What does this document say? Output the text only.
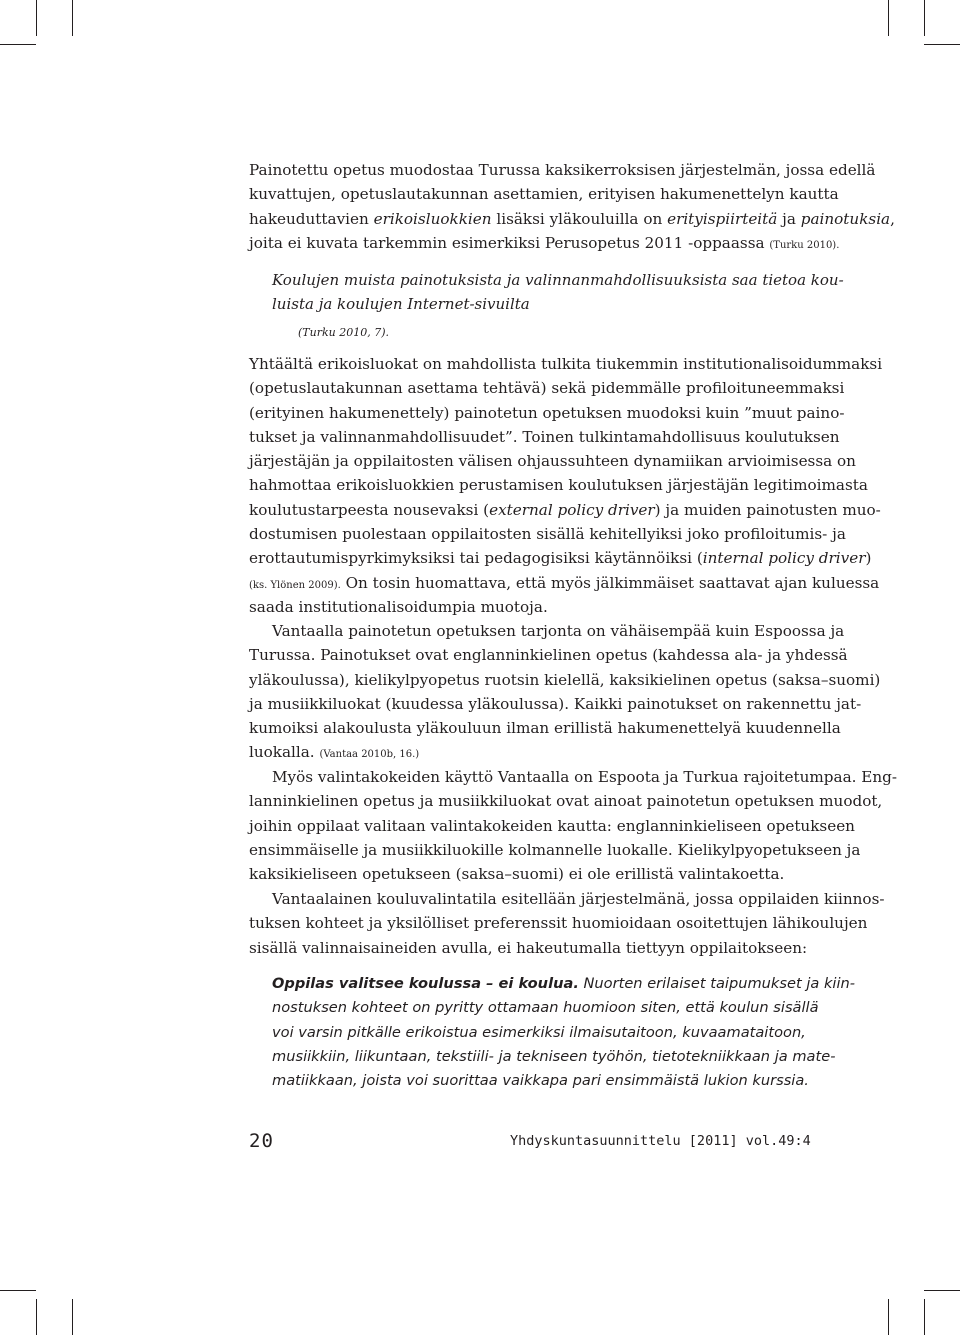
Painotettu opetus muodostaa Turussa kaksikerroksisen järjestelmän, jossa edellä
kuvattujen, opetuslautakunnan asettamien, erityisen hakumenettelyn kautta
hakeuduttavien erikoisluokkien lisäksi yläkouluilla on erityispiirteitä ja painotuksia,
joita ei kuvata tarkemmin esimerkiksi Perusopetus 2011 -oppaassa (Turku 2010).
Koulujen muista painotuksista ja valinnanmahdollisuuksista saa tietoa kou-
luista ja koulujen Internet-sivuilta
(Turku 2010, 7).
Yhtäältä erikoisluokat on mahdollista tulkita tiukemmin institutionalisoidummaksi
(opetuslautakunnan asettama tehtävä) sekä pidemmälle profiloituneemmaksi
(erityinen hakumenettely) painotetun opetuksen muodoksi kuin ”muut paino-
tukset ja valinnanmahdollisuudet”. Toinen tulkintamahdollisuus koulutuksen
järjestäjän ja oppilaitosten välisen ohjaussuhteen dynamiikan arvioimisessa on
hahmottaa erikoisluokkien perustamisen koulutuksen järjestäjän legitimoimasta
koulutustarpeesta nousevaksi (external policy driver) ja muiden painotusten muo-
dostumisen puolestaan oppilaitosten sisällä kehitellyiksi joko profiloitumis- ja
erottautumispyrkimyksiksi tai pedagogisiksi käytännöiksi (internal policy driver)
(ks. Ylönen 2009). On tosin huomattava, että myös jälkimmäiset saattavat ajan kuluessa
saada institutionalisoidumpia muotoja.
Vantaalla painotetun opetuksen tarjonta on vähäisempää kuin Espoossa ja
Turussa. Painotukset ovat englanninkielinen opetus (kahdessa ala- ja yhdessä
yläkoulussa), kielikylpyopetus ruotsin kielellä, kaksikielinen opetus (saksa–suomi)
ja musiikkiluokat (kuudessa yläkoulussa). Kaikki painotukset on rakennettu jat-
kumoiksi alakoulusta yläkouluun ilman erillistä hakumenettelyä kuudennella
luokalla. (Vantaa 2010b, 16.)
Myös valintakokeiden käyttö Vantaalla on Espoota ja Turkua rajoitetumpaa. Eng-
lanninkielinen opetus ja musiikkiluokat ovat ainoat painotetun opetuksen muodot,
joihin oppilaat valitaan valintakokeiden kautta: englanninkieliseen opetukseen
ensimmäiselle ja musiikkiluokille kolmannelle luokalle. Kielikylpyopetukseen ja
kaksikieliseen opetukseen (saksa–suomi) ei ole erillistä valintakoetta.
Vantaalainen kouluvalintatila esitellään järjestelmänä, jossa oppilaiden kiinnos-
tuksen kohteet ja yksilölliset preferenssit huomioidaan osoitettujen lähikoulujen
sisällä valinnaisaineiden avulla, ei hakeutumalla tiettyyn oppilaitokseen:
Oppilas valitsee koulussa – ei koulua. Nuorten erilaiset taipumukset ja kiin-
nostuksen kohteet on pyritty ottamaan huomioon siten, että koulun sisällä
voi varsin pitkälle erikoistua esimerkiksi ilmaisutaitoon, kuvaamataitoon,
musiikkiin, liikuntaan, tekstiili- ja tekniseen työhön, tietotekniikkaan ja mate-
matiikkaan, joista voi suorittaa vaikkapa pari ensimmäistä lukion kurssia.
20	Yhdyskuntasuunnittelu [2011] vol.49:4
